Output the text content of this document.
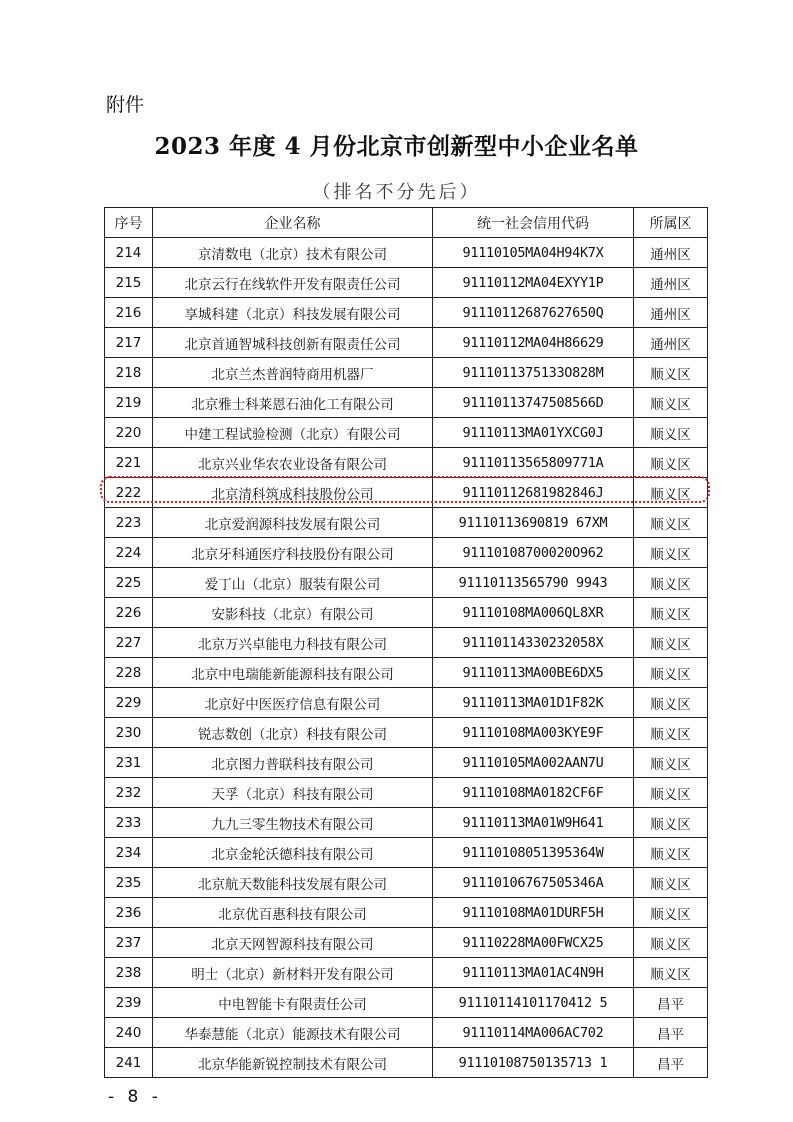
附件
2023 年度 4 月份北京市创新型中小企业名单
（排名不分先后）
序号	企业名称	统一社会信用代码	所属区
214	京清数电（北京）技术有限公司	91110105MA04H94K7X	通州区
215	北京云行在线软件开发有限责任公司	91110112MA04EXYY1P	通州区
216	享城科建（北京）科技发展有限公司	91110112687627650Q	通州区
217	北京首通智城科技创新有限责任公司	91110112MA04H86629	通州区
218	北京兰杰普润特商用机器厂	9111011375133O828M	顺义区
219	北京雅士科莱恩石油化工有限公司	91110113747508566D	顺义区
220	中建工程试验检测（北京）有限公司	91110113MA01YXCG0J	顺义区
221	北京兴业华农农业设备有限公司	91110113565809771A	顺义区
222	北京清科筑成科技股份公司	91110112681982846J	顺义区
223	北京爱润源科技发展有限公司	91110113690819 67XM	顺义区
224	北京牙科通医疗科技股份有限公司	91110108700020O962	顺义区
225	爱丁山（北京）服装有限公司	91110113565790 9943	顺义区
226	安影科技（北京）有限公司	91110108MA006QL8XR	顺义区
227	北京万兴卓能电力科技有限公司	91110114330232058X	顺义区
228	北京中电瑞能新能源科技有限公司	91110113MA00BE6DX5	顺义区
229	北京好中医医疗信息有限公司	91110113MA01D1F82K	顺义区
230	锐志数创（北京）科技有限公司	91110108MA003KYE9F	顺义区
231	北京图力普联科技有限公司	91110105MA002AAN7U	顺义区
232	天孚（北京）科技有限公司	91110108MA0182CF6F	顺义区
233	九九三零生物技术有限公司	91110113MA01W9H641	顺义区
234	北京金轮沃德科技有限公司	91110108051395364W	顺义区
235	北京航天数能科技发展有限公司	91110106767505346A	顺义区
236	北京优百惠科技有限公司	91110108MA01DURF5H	顺义区
237	北京天网智源科技有限公司	91110228MA00FWCX25	顺义区
238	明士（北京）新材料开发有限公司	91110113MA01AC4N9H	顺义区
239	中电智能卡有限责任公司	91110114101170412 5	昌平
240	华泰慧能（北京）能源技术有限公司	91110114MA006AC702	昌平
241	北京华能新锐控制技术有限公司	91110108750135713 1	昌平
- 8 -
